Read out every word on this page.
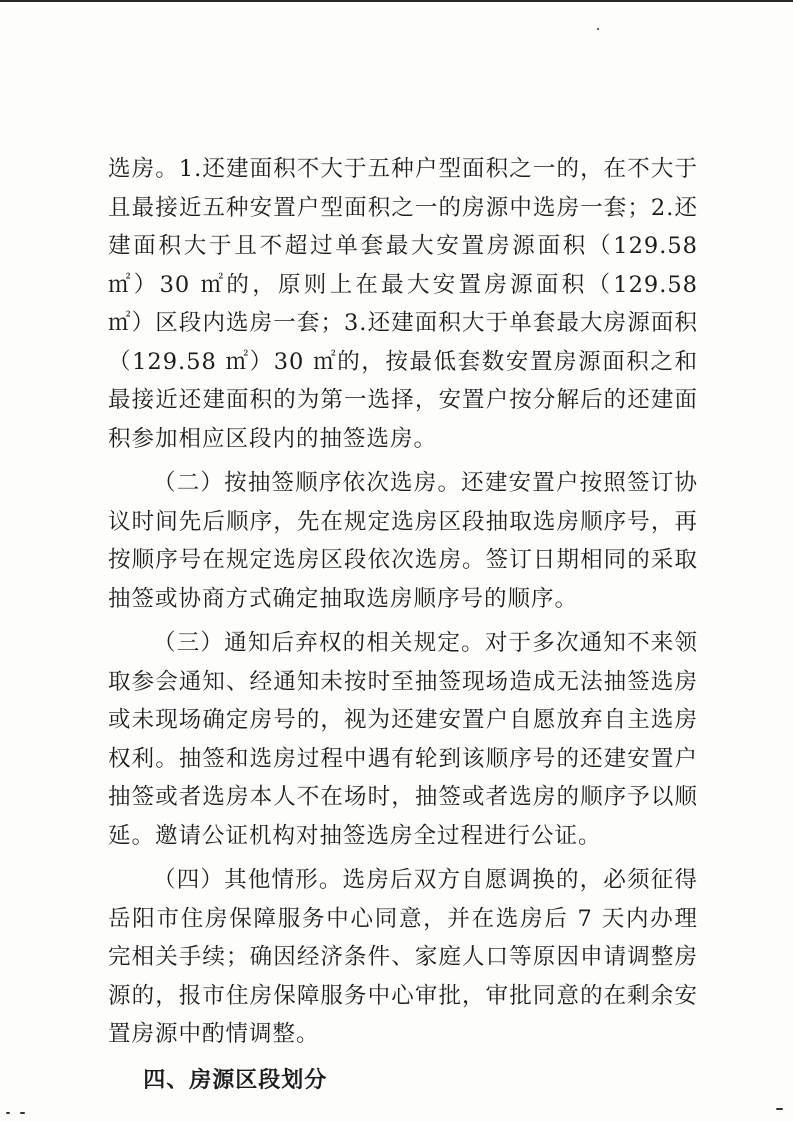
选房。1.还建面积不大于五种户型面积之一的，在不大于且最接近五种安置户型面积之一的房源中选房一套；2.还建面积大于且不超过单套最大安置房源面积（129.58 ㎡）30 ㎡的，原则上在最大安置房源面积（129.58 ㎡）区段内选房一套；3.还建面积大于单套最大房源面积（129.58 ㎡）30 ㎡的，按最低套数安置房源面积之和最接近还建面积的为第一选择，安置户按分解后的还建面积参加相应区段内的抽签选房。

（二）按抽签顺序依次选房。还建安置户按照签订协议时间先后顺序，先在规定选房区段抽取选房顺序号，再按顺序号在规定选房区段依次选房。签订日期相同的采取抽签或协商方式确定抽取选房顺序号的顺序。

（三）通知后弃权的相关规定。对于多次通知不来领取参会通知、经通知未按时至抽签现场造成无法抽签选房或未现场确定房号的，视为还建安置户自愿放弃自主选房权利。抽签和选房过程中遇有轮到该顺序号的还建安置户抽签或者选房本人不在场时，抽签或者选房的顺序予以顺延。邀请公证机构对抽签选房全过程进行公证。

（四）其他情形。选房后双方自愿调换的，必须征得岳阳市住房保障服务中心同意，并在选房后 7 天内办理完相关手续；确因经济条件、家庭人口等原因申请调整房源的，报市住房保障服务中心审批，审批同意的在剩余安置房源中酌情调整。

四、房源区段划分
